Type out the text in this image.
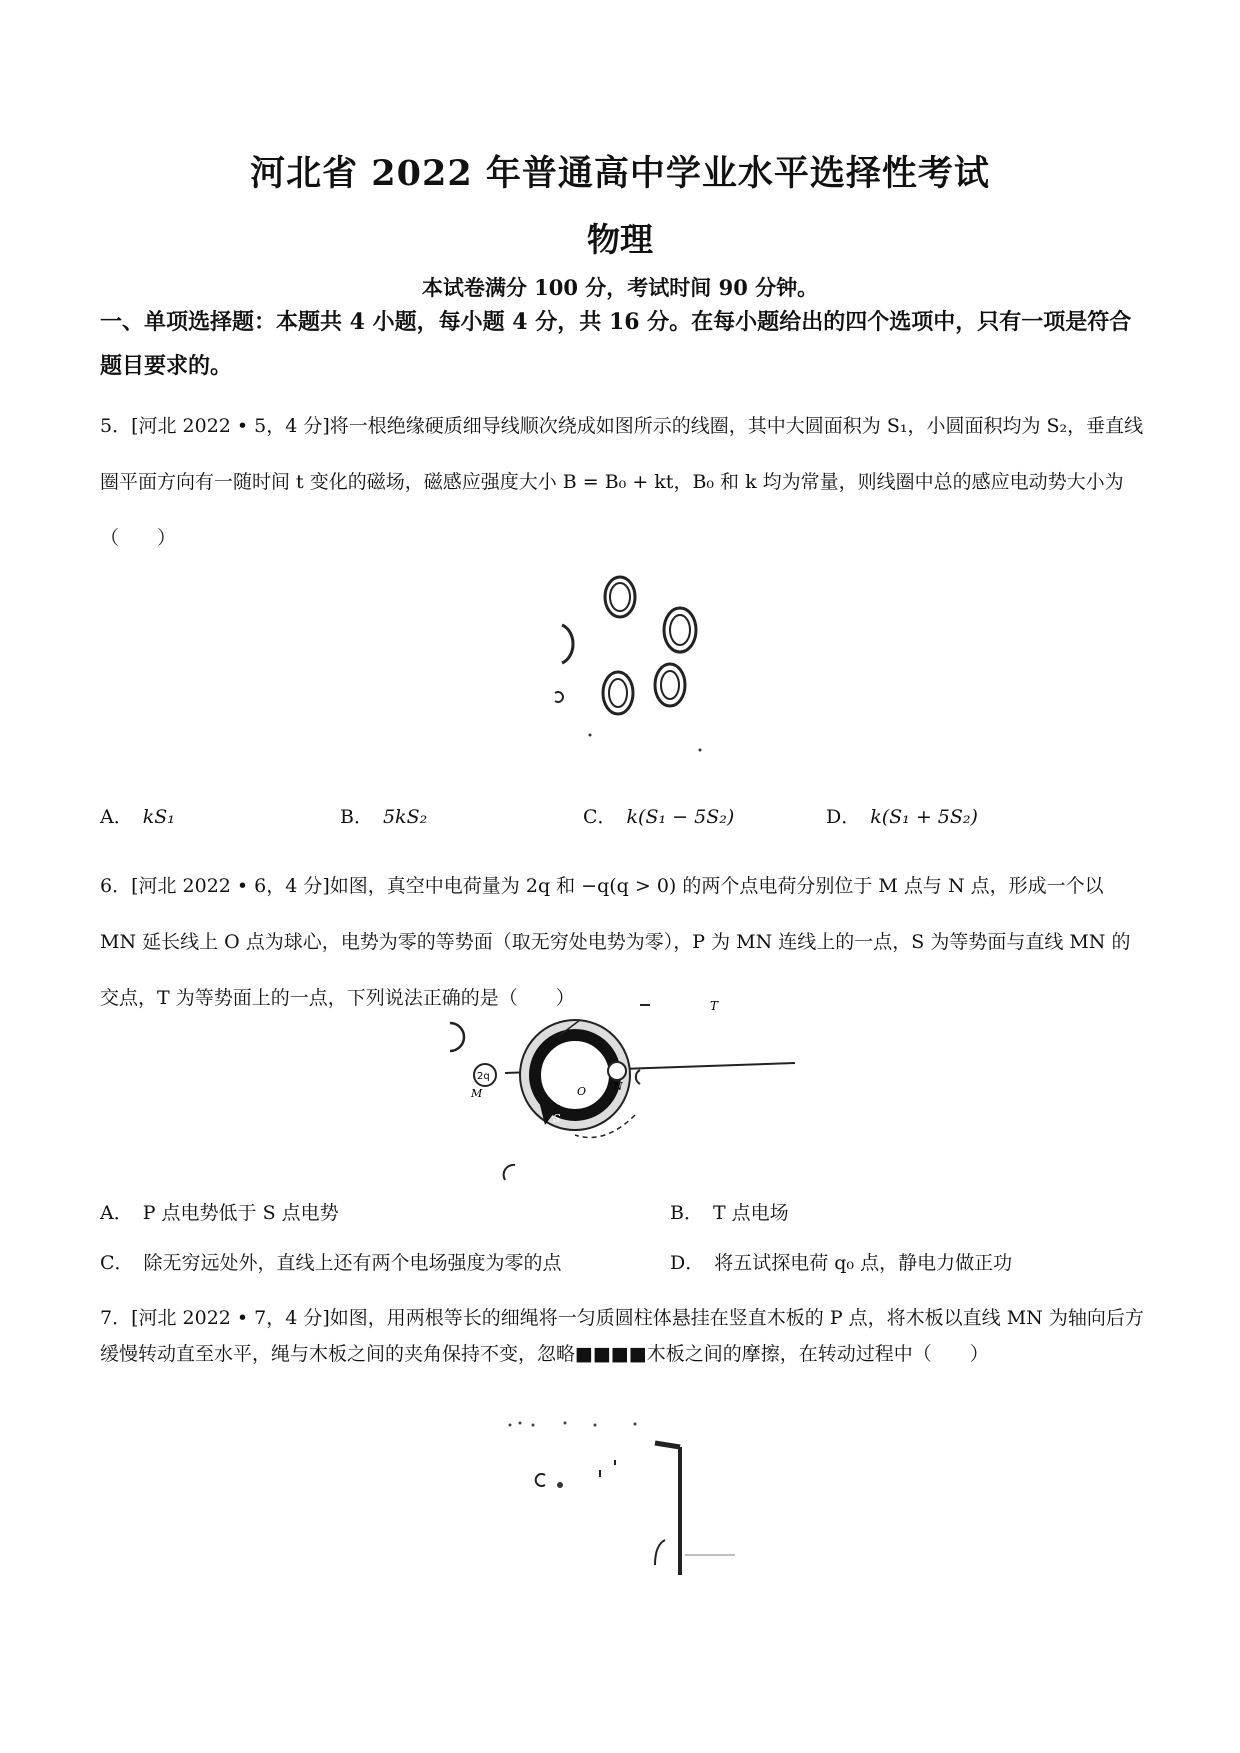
河北省 2022 年普通高中学业水平选择性考试
物理
本试卷满分 100 分，考试时间 90 分钟。
一、单项选择题：本题共 4 小题，每小题 4 分，共 16 分。在每小题给出的四个选项中，只有一项是符合题目要求的。
5．[河北 2022 • 5，4 分]将一根绝缘硬质细导线顺次绕成如图所示的线圈，其中大圆面积为 S₁，小圆面积均为 S₂，垂直线圈平面方向有一随时间 t 变化的磁场，磁感应强度大小 B = B₀ + kt，B₀ 和 k 均为常量，则线圈中总的感应电动势大小为（　　）
A． kS₁	B． 5kS₂	C． k(S₁ − 5S₂)	D． k(S₁ + 5S₂)
6．[河北 2022 • 6，4 分]如图，真空中电荷量为 2q 和 −q(q > 0) 的两个点电荷分别位于 M 点与 N 点，形成一个以 MN 延长线上 O 点为球心，电势为零的等势面（取无穷处电势为零），P 为 MN 连线上的一点，S 为等势面与直线 MN 的交点，T 为等势面上的一点，下列说法正确的是（　　）
2q
M
N
O
S
T
A． P 点电势低于 S 点电势	B． T 点电场
C． 除无穷远处外，直线上还有两个电场强度为零的点	D． 将五试探电荷 q₀ 点，静电力做正功
7．[河北 2022 • 7，4 分]如图，用两根等长的细绳将一匀质圆柱体悬挂在竖直木板的 P 点，将木板以直线 MN 为轴向后方缓慢转动直至水平，绳与木板之间的夹角保持不变，忽略■■■■木板之间的摩擦，在转动过程中（　　）
